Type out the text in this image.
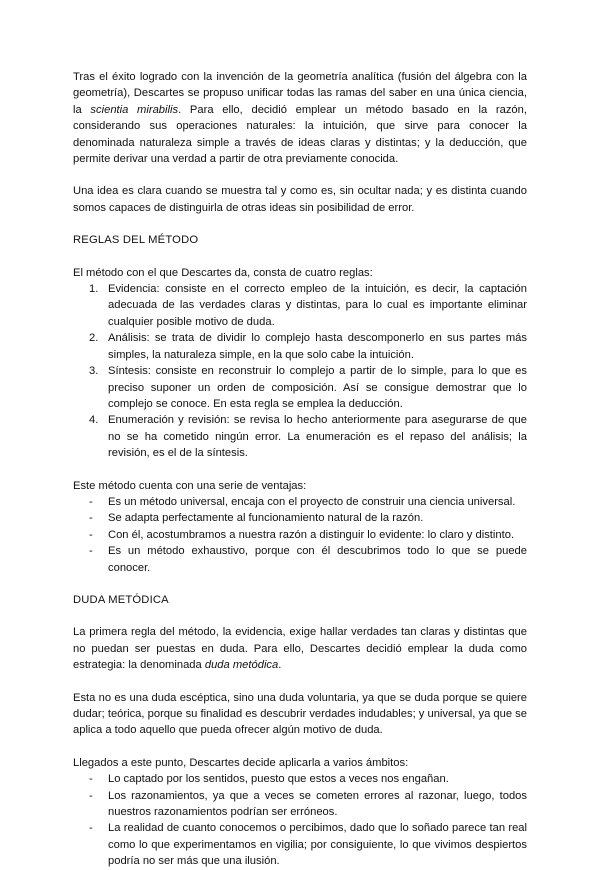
Tras el éxito logrado con la invención de la geometría analítica (fusión del álgebra con la geometría), Descartes se propuso unificar todas las ramas del saber en una única ciencia, la scientia mirabilis. Para ello, decidió emplear un método basado en la razón, considerando sus operaciones naturales: la intuición, que sirve para conocer la denominada naturaleza simple a través de ideas claras y distintas; y la deducción, que permite derivar una verdad a partir de otra previamente conocida.

Una idea es clara cuando se muestra tal y como es, sin ocultar nada; y es distinta cuando somos capaces de distinguirla de otras ideas sin posibilidad de error.

REGLAS DEL MÉTODO

El método con el que Descartes da, consta de cuatro reglas:

1. Evidencia: consiste en el correcto empleo de la intuición, es decir, la captación adecuada de las verdades claras y distintas, para lo cual es importante eliminar cualquier posible motivo de duda.
2. Análisis: se trata de dividir lo complejo hasta descomponerlo en sus partes más simples, la naturaleza simple, en la que solo cabe la intuición.
3. Síntesis: consiste en reconstruir lo complejo a partir de lo simple, para lo que es preciso suponer un orden de composición. Así se consigue demostrar que lo complejo se conoce. En esta regla se emplea la deducción.
4. Enumeración y revisión: se revisa lo hecho anteriormente para asegurarse de que no se ha cometido ningún error. La enumeración es el repaso del análisis; la revisión, es el de la síntesis.

Este método cuenta con una serie de ventajas:

- Es un método universal, encaja con el proyecto de construir una ciencia universal.
- Se adapta perfectamente al funcionamiento natural de la razón.
- Con él, acostumbramos a nuestra razón a distinguir lo evidente: lo claro y distinto.
- Es un método exhaustivo, porque con él descubrimos todo lo que se puede conocer.
DUDA METÓDICA

La primera regla del método, la evidencia, exige hallar verdades tan claras y distintas que no puedan ser puestas en duda. Para ello, Descartes decidió emplear la duda como estrategia: la denominada duda metódica.

Esta no es una duda escéptica, sino una duda voluntaria, ya que se duda porque se quiere dudar; teórica, porque su finalidad es descubrir verdades indudables; y universal, ya que se aplica a todo aquello que pueda ofrecer algún motivo de duda.

Llegados a este punto, Descartes decide aplicarla a varios ámbitos:

- Lo captado por los sentidos, puesto que estos a veces nos engañan.
- Los razonamientos, ya que a veces se cometen errores al razonar, luego, todos nuestros razonamientos podrían ser erróneos.
- La realidad de cuanto conocemos o percibimos, dado que lo soñado parece tan real como lo que experimentamos en vigilia; por consiguiente, lo que vivimos despiertos podría no ser más que una ilusión.
